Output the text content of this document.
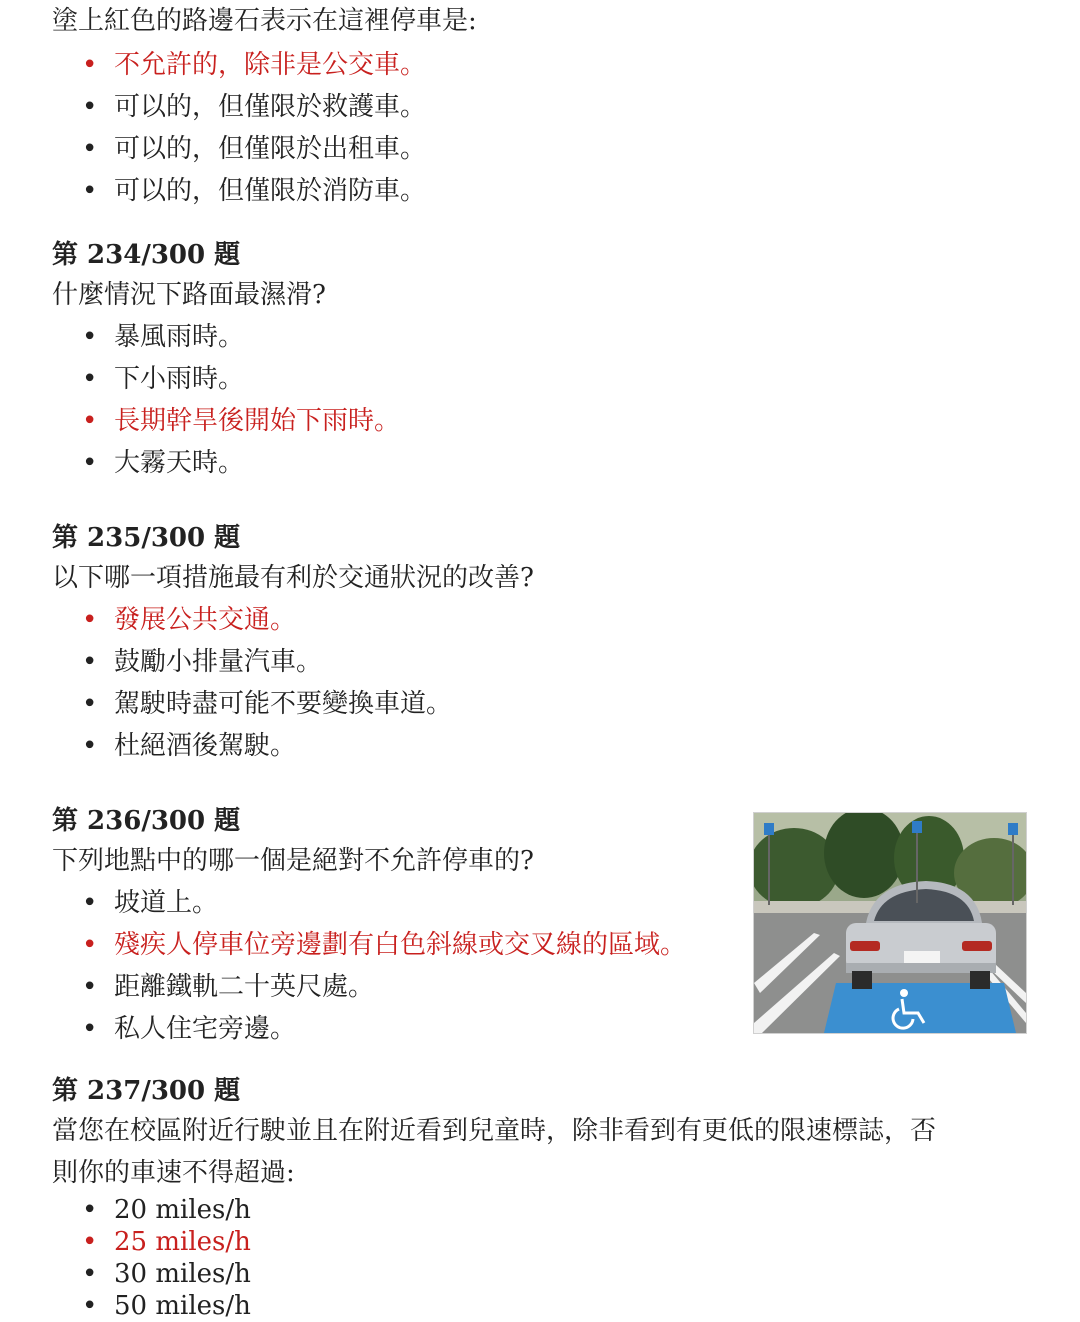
塗上紅色的路邊石表示在這裡停車是:

• 不允許的，除非是公交車。
• 可以的，但僅限於救護車。
• 可以的，但僅限於出租車。
• 可以的，但僅限於消防車。

第 234/300 題

什麼情況下路面最濕滑?

• 暴風雨時。
• 下小雨時。
• 長期幹旱後開始下雨時。
• 大霧天時。

第 235/300 題

以下哪一項措施最有利於交通狀況的改善?

• 發展公共交通。
• 鼓勵小排量汽車。
• 駕駛時盡可能不要變換車道。
• 杜絕酒後駕駛。

第 236/300 題

下列地點中的哪一個是絕對不允許停車的?

• 坡道上。
• 殘疾人停車位旁邊劃有白色斜線或交叉線的區域。
• 距離鐵軌二十英尺處。
• 私人住宅旁邊。

第 237/300 題

當您在校區附近行駛並且在附近看到兒童時，除非看到有更低的限速標誌，否

則你的車速不得超過:

• 20 miles/h
• 25 miles/h
• 30 miles/h
• 50 miles/h
